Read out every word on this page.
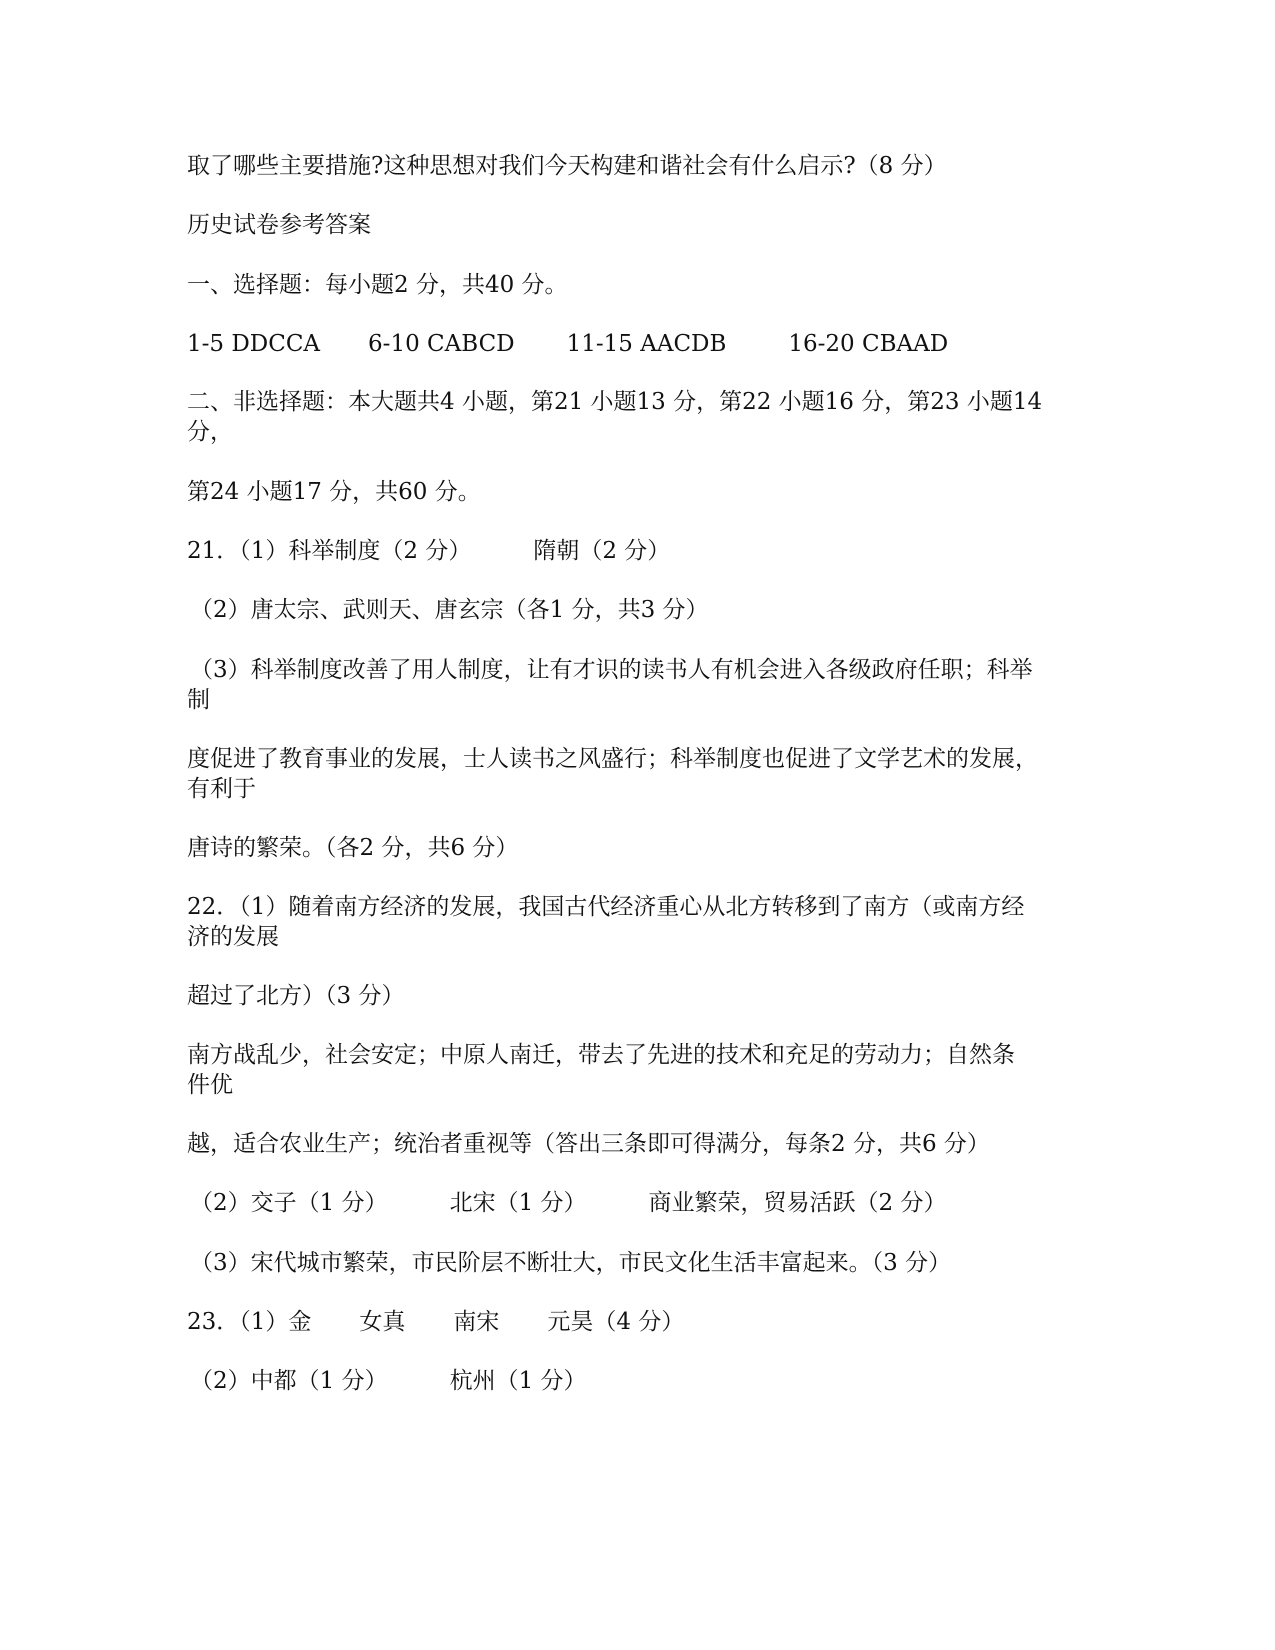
取了哪些主要措施?这种思想对我们今天构建和谐社会有什么启示?（8 分）
历史试卷参考答案
一、选择题：每小题2 分，共40 分。
1-5 DDCCA 6-10 CABCD 11-15 AACDB	16-20 CBAAD
二、非选择题：本大题共4 小题，第21 小题13 分，第22 小题16 分，第23 小题14
分，
第24 小题17 分，共60 分。
21．（1）科举制度（2 分）	隋朝（2 分）
（2）唐太宗、武则天、唐玄宗（各1 分，共3 分）
（3）科举制度改善了用人制度，让有才识的读书人有机会进入各级政府任职；科举
制
度促进了教育事业的发展，士人读书之风盛行；科举制度也促进了文学艺术的发展，
有利于
唐诗的繁荣。（各2 分，共6 分）
22．（1）随着南方经济的发展，我国古代经济重心从北方转移到了南方（或南方经
济的发展
超过了北方）（3 分）
南方战乱少，社会安定；中原人南迁，带去了先进的技术和充足的劳动力；自然条
件优
越，适合农业生产；统治者重视等（答出三条即可得满分，每条2 分，共6 分）
（2）交子（1 分）	北宋（1 分）	商业繁荣，贸易活跃（2 分）
（3）宋代城市繁荣，市民阶层不断壮大，市民文化生活丰富起来。（3 分）
23．（1）金 女真 南宋 元昊（4 分）
（2）中都（1 分）	杭州（1 分）
